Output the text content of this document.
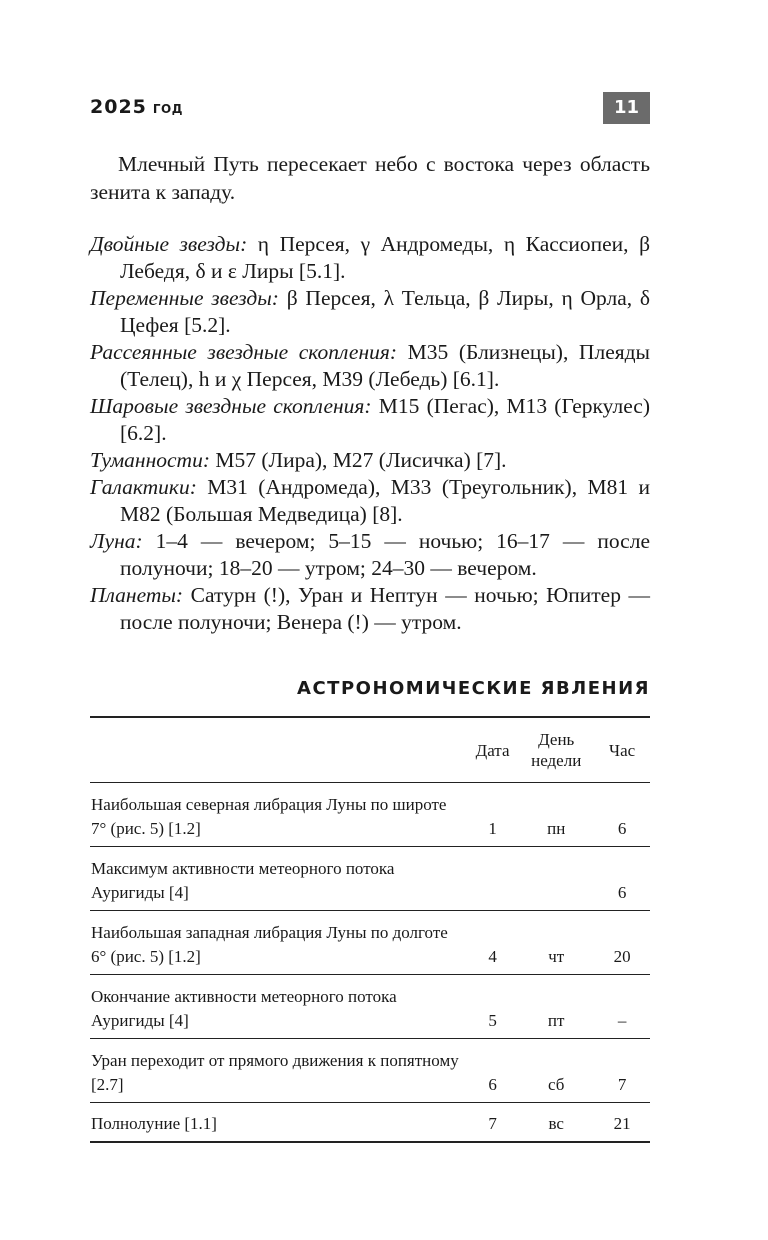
2025 ГОД	11

Млечный Путь пересекает небо с востока через область зенита к западу.

Двойные звезды: η Персея, γ Андромеды, η Кассиопеи, β Лебедя, δ и ε Лиры [5.1].
Переменные звезды: β Персея, λ Тельца, β Лиры, η Орла, δ Цефея [5.2].
Рассеянные звездные скопления: М35 (Близнецы), Плеяды (Телец), h и χ Персея, М39 (Лебедь) [6.1].
Шаровые звездные скопления: М15 (Пегас), М13 (Геркулес) [6.2].
Туманности: М57 (Лира), М27 (Лисичка) [7].
Галактики: М31 (Андромеда), М33 (Треугольник), М81 и М82 (Большая Медведица) [8].
Луна: 1–4 — вечером; 5–15 — ночью; 16–17 — после полуночи; 18–20 — утром; 24–30 — вечером.
Планеты: Сатурн (!), Уран и Нептун — ночью; Юпитер — после полуночи; Венера (!) — утром.
АСТРОНОМИЧЕСКИЕ ЯВЛЕНИЯ
	Дата	День недели	Час
Наибольшая северная либрация Луны по широте 7° (рис. 5) [1.2]	1	пн	6
Максимум активности метеорного потока Ауригиды [4]			6
Наибольшая западная либрация Луны по долготе 6° (рис. 5) [1.2]	4	чт	20
Окончание активности метеорного потока Ауригиды [4]	5	пт	–
Уран переходит от прямого движения к попятному [2.7]	6	сб	7
Полнолуние [1.1]	7	вс	21
